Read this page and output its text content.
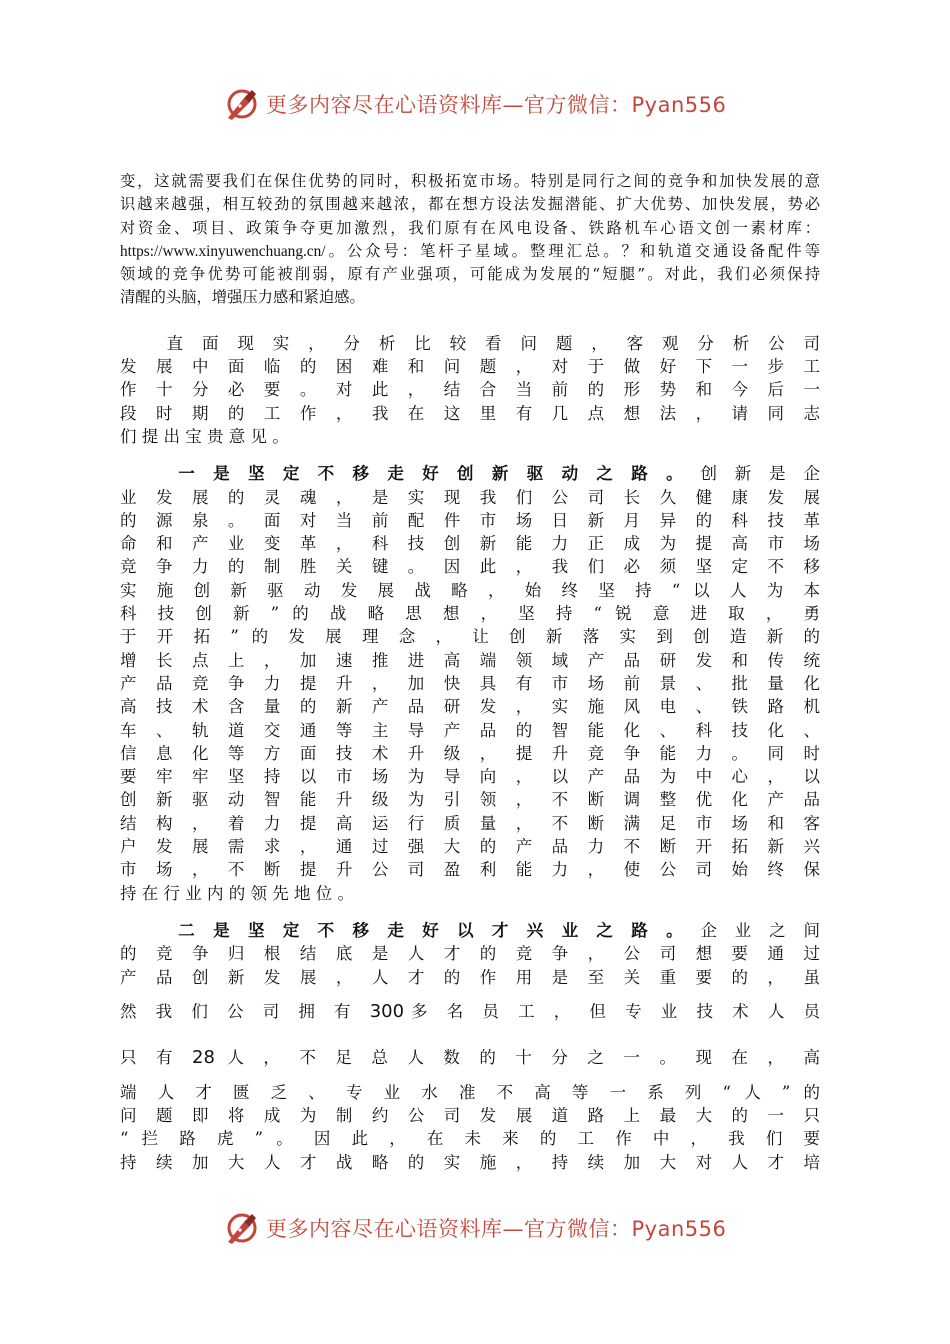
更多内容尽在心语资料库—官方微信：Pyan556
变，这就需要我们在保住优势的同时，积极拓宽市场。特别是同行之间的竞争和加快发展的意
识越来越强，相互较劲的氛围越来越浓，都在想方设法发掘潜能、扩大优势、加快发展，势必
对资金、项目、政策争夺更加激烈，我们原有在风电设备、铁路机车心语文创一素材库：
https://www.xinyuwenchuang.cn/。公众号：笔杆子星域。整理汇总。？和轨道交通设备配件等
领域的竞争优势可能被削弱，原有产业强项，可能成为发展的“短腿”。对此，我们必须保持
清醒的头脑，增强压力感和紧迫感。
　　直 面 现 实 ， 分 析 比 较 看 问 题 ， 客 观 分 析 公 司
发 展 中 面 临 的 困 难 和 问 题 ， 对 于 做 好 下 一 步 工
作 十 分 必 要 。 对 此 ， 结 合 当 前 的 形 势 和 今 后 一
段 时 期 的 工 作 ， 我 在 这 里 有 几 点 想 法 ， 请 同 志
们 提 出 宝 贵 意 见 。
一 是 坚 定 不 移 走 好 创 新 驱 动 之 路 。 创 新 是 企
业 发 展 的 灵 魂 ， 是 实 现 我 们 公 司 长 久 健 康 发 展
的 源 泉 。 面 对 当 前 配 件 市 场 日 新 月 异 的 科 技 革
命 和 产 业 变 革 ， 科 技 创 新 能 力 正 成 为 提 高 市 场
竞 争 力 的 制 胜 关 键 。 因 此 ， 我 们 必 须 坚 定 不 移
实 施 创 新 驱 动 发 展 战 略 ， 始 终 坚 持 “ 以 人 为 本
科 技 创 新 ” 的 战 略 思 想 ， 坚 持 “ 锐 意 进 取 ， 勇
于 开 拓 ” 的 发 展 理 念 ， 让 创 新 落 实 到 创 造 新 的
增 长 点 上 ， 加 速 推 进 高 端 领 域 产 品 研 发 和 传 统
产 品 竞 争 力 提 升 ， 加 快 具 有 市 场 前 景 、 批 量 化
高 技 术 含 量 的 新 产 品 研 发 ， 实 施 风 电 、 铁 路 机
车 、 轨 道 交 通 等 主 导 产 品 的 智 能 化 、 科 技 化 、
信 息 化 等 方 面 技 术 升 级 ， 提 升 竞 争 能 力 。 同 时
要 牢 牢 坚 持 以 市 场 为 导 向 ， 以 产 品 为 中 心 ， 以
创 新 驱 动 智 能 升 级 为 引 领 ， 不 断 调 整 优 化 产 品
结 构 ， 着 力 提 高 运 行 质 量 ， 不 断 满 足 市 场 和 客
户 发 展 需 求 ， 通 过 强 大 的 产 品 力 不 断 开 拓 新 兴
市 场 ， 不 断 提 升 公 司 盈 利 能 力 ， 使 公 司 始 终 保
持 在 行 业 内 的 领 先 地 位 。
二 是 坚 定 不 移 走 好 以 才 兴 业 之 路 。 企 业 之 间
的 竞 争 归 根 结 底 是 人 才 的 竞 争 ， 公 司 想 要 通 过
产 品 创 新 发 展 ， 人 才 的 作 用 是 至 关 重 要 的 ， 虽
然 我 们 公 司 拥 有 300多 名 员 工 ， 但 专 业 技 术 人 员
只 有 28 人 ， 不 足 总 人 数 的 十 分 之 一 。 现 在 ， 高
端 人 才 匮 乏 、 专 业 水 准 不 高 等 一 系 列 “ 人 ” 的
问 题 即 将 成 为 制 约 公 司 发 展 道 路 上 最 大 的 一 只
“ 拦 路 虎 ” 。 因 此 ， 在 未 来 的 工 作 中 ， 我 们 要
持 续 加 大 人 才 战 略 的 实 施 ， 持 续 加 大 对 人 才 培
更多内容尽在心语资料库—官方微信：Pyan556
